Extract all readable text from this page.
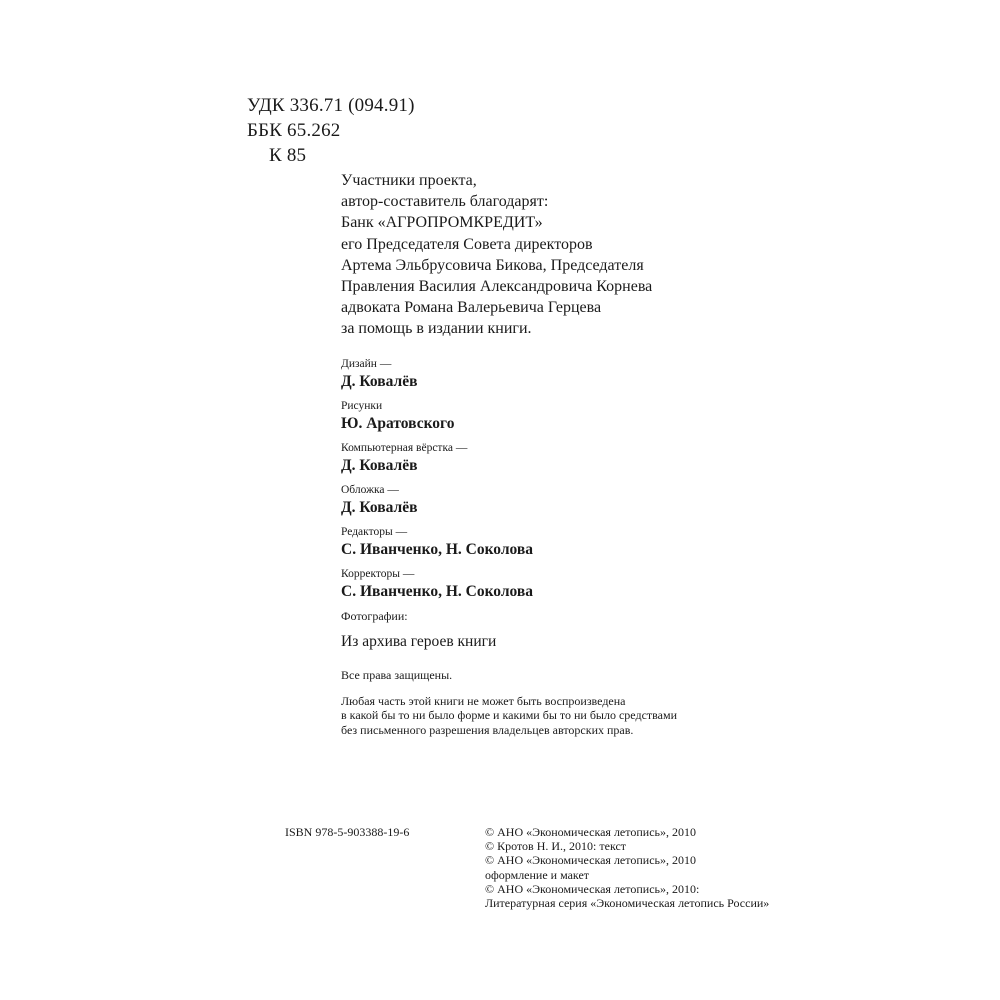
УДК 336.71 (094.91)
ББК 65.262
К 85
Участники проекта,
автор-составитель благодарят:
Банк «АГРОПРОМКРЕДИТ»
его Председателя Совета директоров
Артема Эльбрусовича Бикова, Председателя
Правления Василия Александровича Корнева
адвоката Романа Валерьевича Герцева
за помощь в издании книги.
Дизайн —
Д. Ковалёв
Рисунки
Ю. Аратовского
Компьютерная вёрстка —
Д. Ковалёв
Обложка —
Д. Ковалёв
Редакторы —
С. Иванченко, Н. Соколова
Корректоры —
С. Иванченко, Н. Соколова
Фотографии:
Из архива героев книги
Все права защищены.
Любая часть этой книги не может быть воспроизведена
в какой бы то ни было форме и какими бы то ни было средствами
без письменного разрешения владельцев авторских прав.
ISBN 978-5-903388-19-6	© АНО «Экономическая летопись», 2010
© Кротов Н. И., 2010: текст
© АНО «Экономическая летопись», 2010
оформление и макет
© АНО «Экономическая летопись», 2010:
Литературная серия «Экономическая летопись России»
